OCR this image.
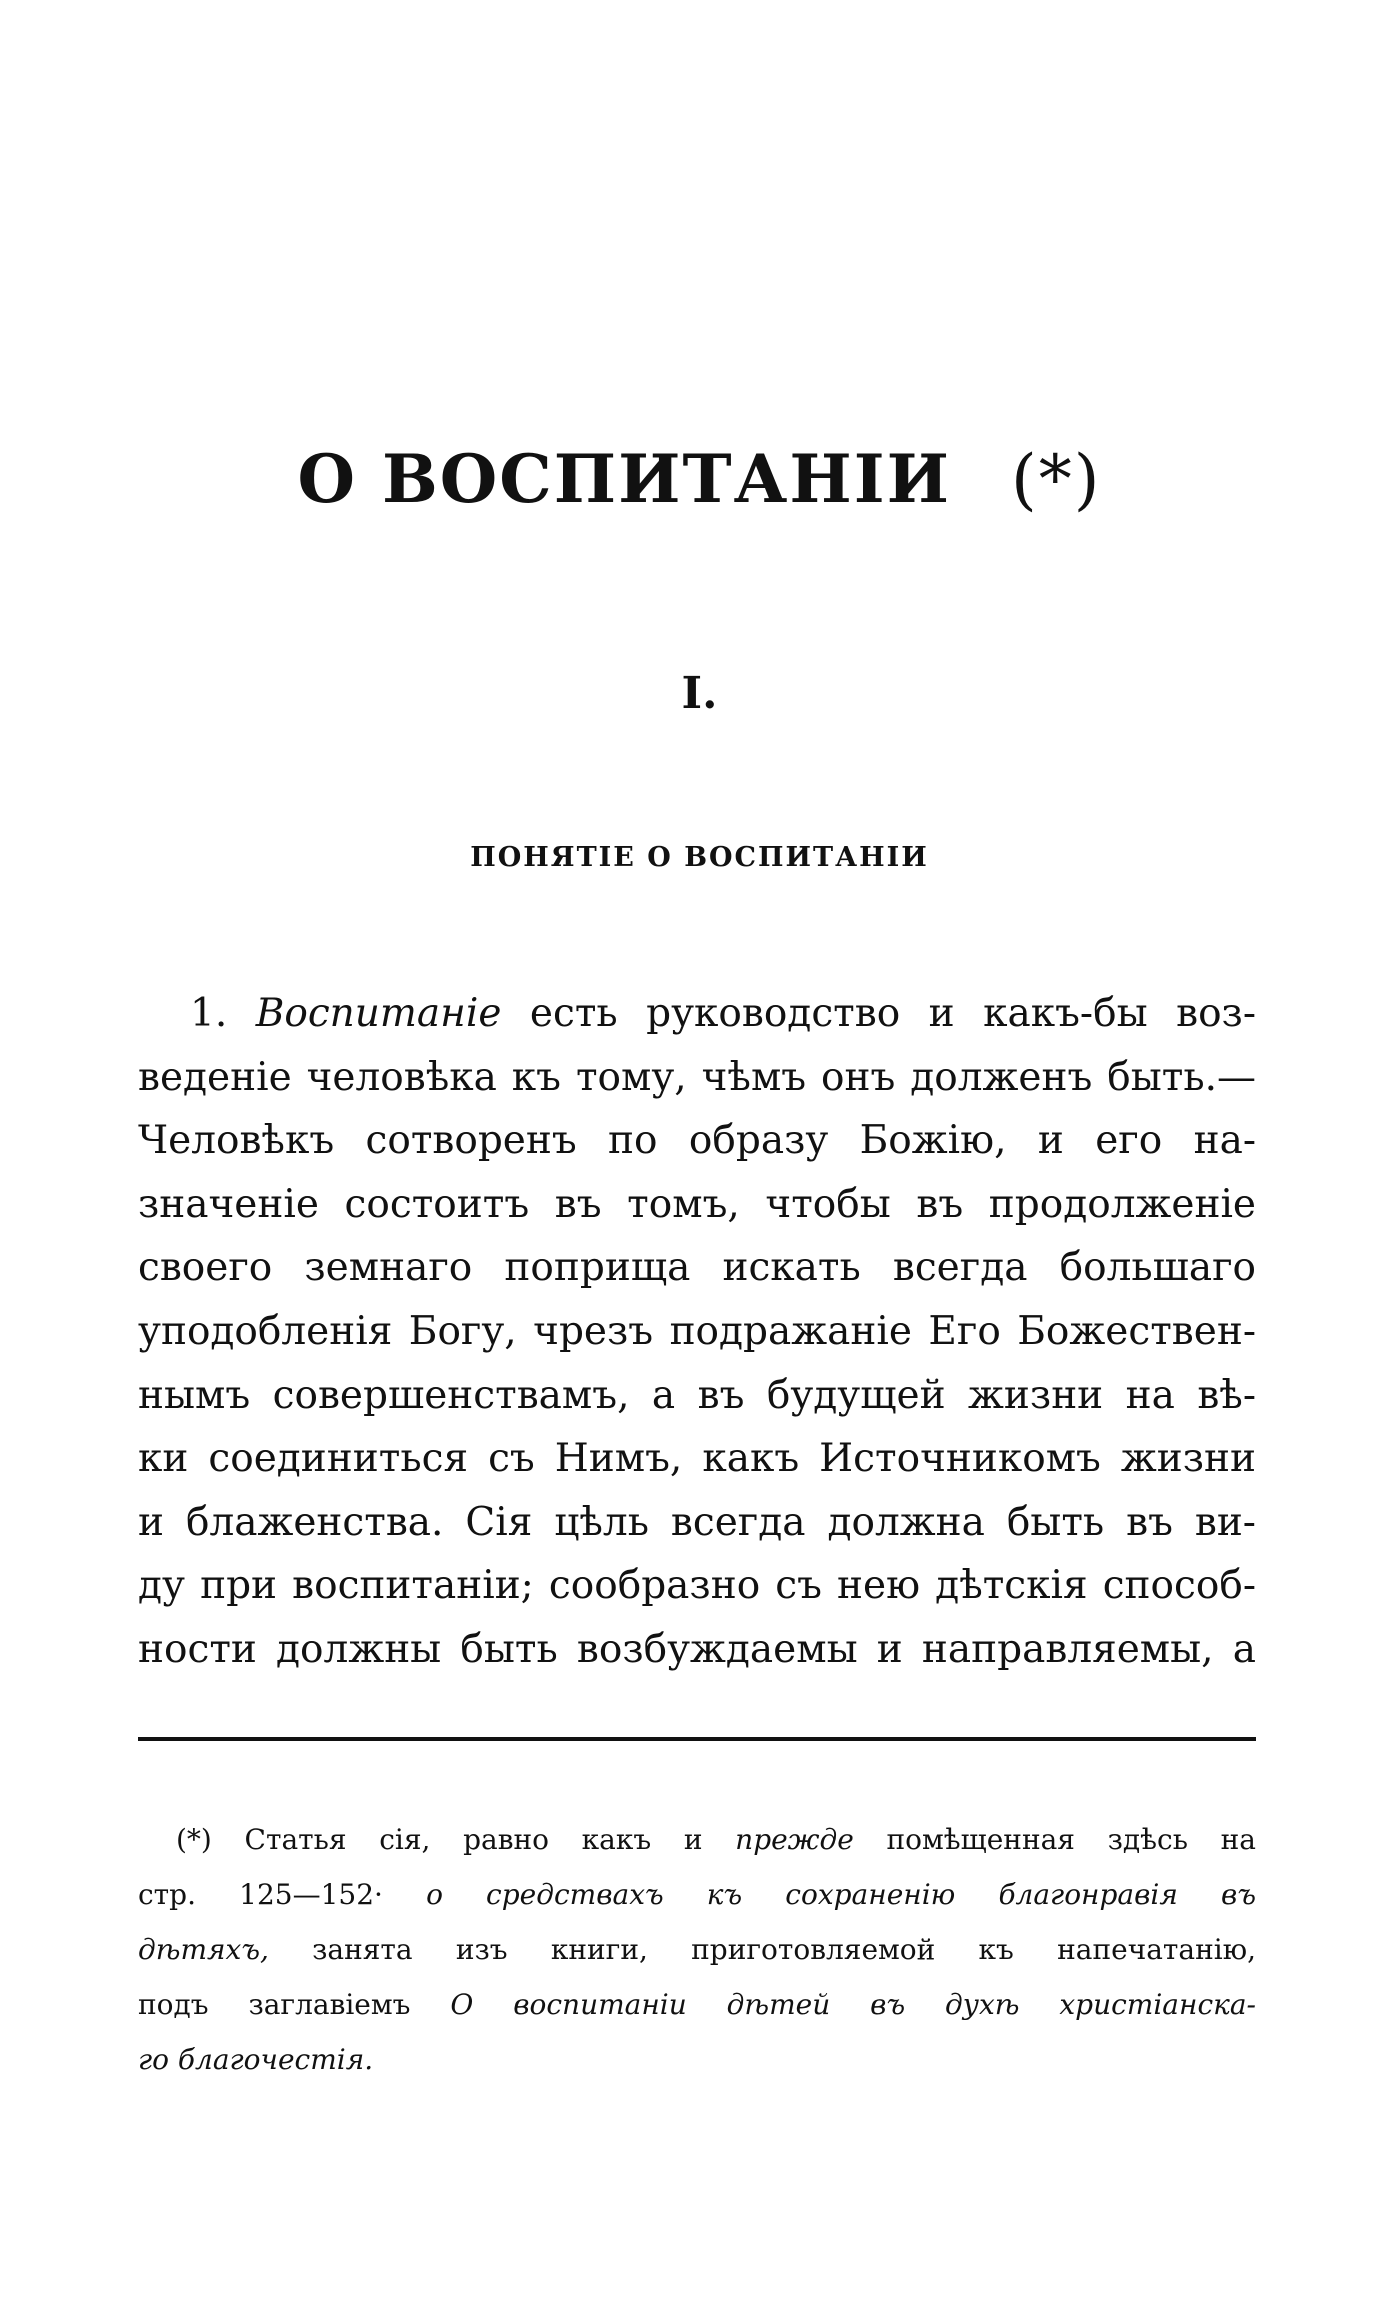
О ВОСПИТАНІИ (*)
I.
ПОНЯТІЕ О ВОСПИТАНІИ
1. Воспитаніе есть руководство и какъ-бы воз-
веденіе человѣка къ тому, чѣмъ онъ долженъ быть.—
Человѣкъ сотворенъ по образу Божію, и его на-
значеніе состоитъ въ томъ, чтобы въ продолженіе
своего земнаго поприща искать всегда большаго
уподобленія Богу, чрезъ подражаніе Его Божествен-
нымъ совершенствамъ, а въ будущей жизни на вѣ-
ки соединиться съ Нимъ, какъ Источникомъ жизни
и блаженства. Сія цѣль всегда должна быть въ ви-
ду при воспитаніи; сообразно съ нею дѣтскія способ-
ности должны быть возбуждаемы и направляемы, а
(*) Статья сія, равно какъ и прежде помѣщенная здѣсь на
стр. 125—152· о средствахъ къ сохраненію благонравія въ
дѣтяхъ, занята изъ книги, приготовляемой къ напечатанію,
подъ заглавіемъ О воспитаніи дѣтей въ духѣ христіанска-
го благочестія.
